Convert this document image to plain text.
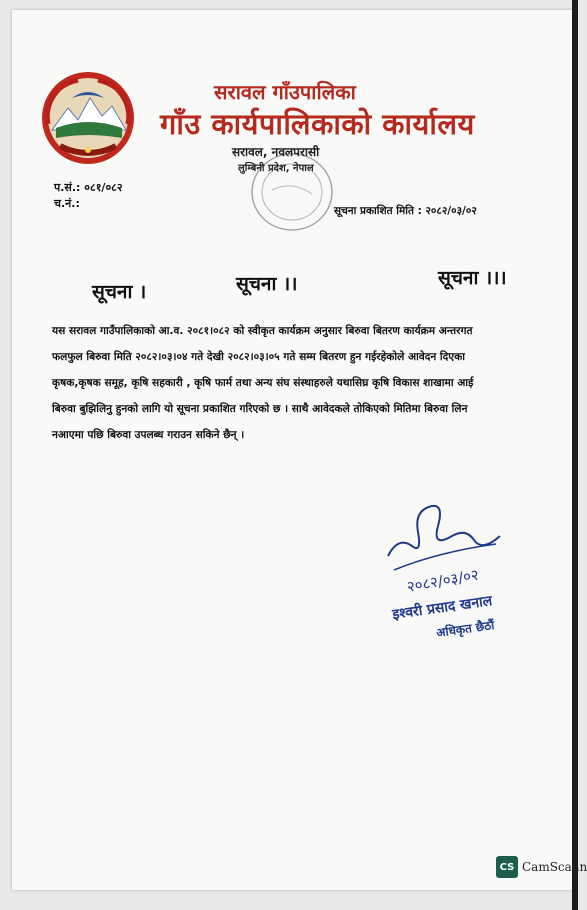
सरावल गाँउपालिका
गाँउ कार्यपालिकाको कार्यालय
सरावल, नवलपरासी
लुम्बिनी प्रदेश, नेपाल
प.सं.: ०८१/०८२
च.नं.:
सूचना प्रकाशित मिति : २०८२/०३/०२
सूचना ।	सूचना ।।	सूचना ।।।
यस सरावल गाउँपालिकाको आ.व. २०८१।०८२ को स्वीकृत कार्यक्रम अनुसार बिरुवा बितरण कार्यक्रम अन्तरगत
फलफुल बिरुवा मिति २०८२।०३।०४ गते देखी २०८२।०३।०५ गते सम्म बितरण हुन गईरहेकोले आवेदन दिएका
कृषक,कृषक समूह, कृषि सहकारी , कृषि फार्म तथा अन्य संघ संस्थाहरुले यथासिघ्र कृषि विकास शाखामा आई
बिरुवा बुझिलिनु हुनको लागि यो सूचना प्रकाशित गरिएको छ । साथै आवेदकले तोकिएको मितिमा बिरुवा लिन
नआएमा पछि बिरुवा उपलब्ध गराउन सकिने छैन् ।
२०८२/०३/०२
इश्वरी प्रसाद खनाल
अधिकृत छैठौं
CS CamScann
